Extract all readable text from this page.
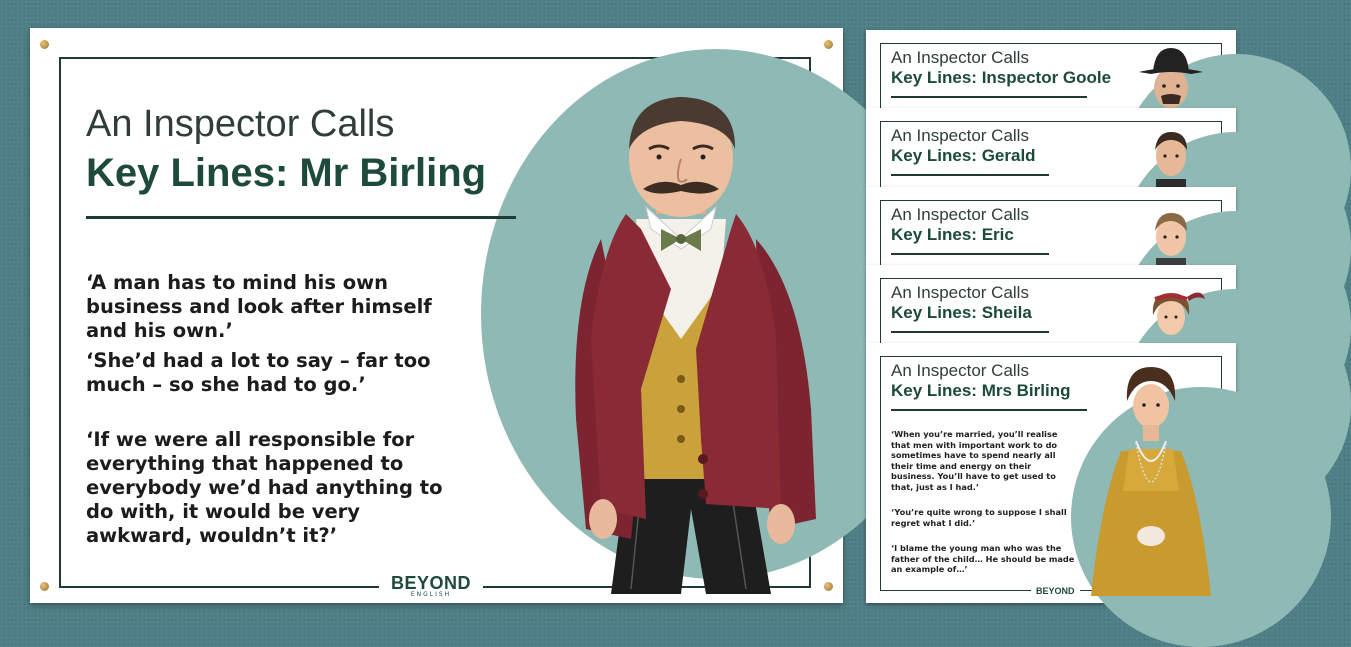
An Inspector Calls
Key Lines: Mr Birling
‘A man has to mind his own business and look after himself and his own.’
‘She’d had a lot to say – far too much – so she had to go.’
‘If we were all responsible for everything that happened to everybody we’d had anything to do with, it would be very awkward, wouldn’t it?’
BEYOND
ENGLISH
An Inspector Calls
Key Lines: Inspector Goole
An Inspector Calls
Key Lines: Gerald
An Inspector Calls
Key Lines: Eric
An Inspector Calls
Key Lines: Sheila
An Inspector Calls
Key Lines: Mrs Birling
‘When you’re married, you’ll realise that men with important work to do sometimes have to spend nearly all their time and energy on their business. You’ll have to get used to that, just as I had.’
‘You’re quite wrong to suppose I shall regret what I did.’
‘I blame the young man who was the father of the child… He should be made an example of…’
BEYOND
